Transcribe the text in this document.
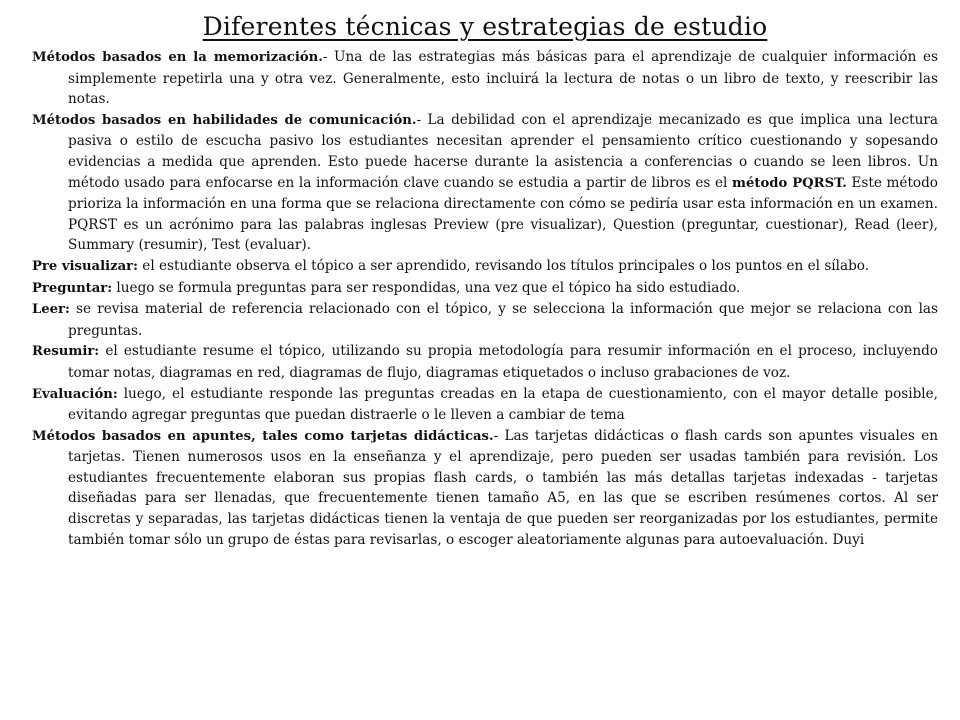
Diferentes técnicas y estrategias de estudio

Métodos basados en la memorización.- Una de las estrategias más básicas para el aprendizaje de cualquier información es simplemente repetirla una y otra vez. Generalmente, esto incluirá la lectura de notas o un libro de texto, y reescribir las notas.

Métodos basados en habilidades de comunicación.- La debilidad con el aprendizaje mecanizado es que implica una lectura pasiva o estilo de escucha pasivo los estudiantes necesitan aprender el pensamiento crítico cuestionando y sopesando evidencias a medida que aprenden. Esto puede hacerse durante la asistencia a conferencias o cuando se leen libros. Un método usado para enfocarse en la información clave cuando se estudia a partir de libros es el método PQRST. Este método prioriza la información en una forma que se relaciona directamente con cómo se pediría usar esta información en un examen. PQRST es un acrónimo para las palabras inglesas Preview (pre visualizar), Question (preguntar, cuestionar), Read (leer), Summary (resumir), Test (evaluar).

Pre visualizar: el estudiante observa el tópico a ser aprendido, revisando los títulos principales o los puntos en el sílabo.

Preguntar: luego se formula preguntas para ser respondidas, una vez que el tópico ha sido estudiado.

Leer: se revisa material de referencia relacionado con el tópico, y se selecciona la información que mejor se relaciona con las preguntas.

Resumir: el estudiante resume el tópico, utilizando su propia metodología para resumir información en el proceso, incluyendo tomar notas, diagramas en red, diagramas de flujo, diagramas etiquetados o incluso grabaciones de voz.

Evaluación: luego, el estudiante responde las preguntas creadas en la etapa de cuestionamiento, con el mayor detalle posible, evitando agregar preguntas que puedan distraerle o le lleven a cambiar de tema

Métodos basados en apuntes, tales como tarjetas didácticas.- Las tarjetas didácticas o flash cards son apuntes visuales en tarjetas. Tienen numerosos usos en la enseñanza y el aprendizaje, pero pueden ser usadas también para revisión. Los estudiantes frecuentemente elaboran sus propias flash cards, o también las más detallas tarjetas indexadas - tarjetas diseñadas para ser llenadas, que frecuentemente tienen tamaño A5, en las que se escriben resúmenes cortos. Al ser discretas y separadas, las tarjetas didácticas tienen la ventaja de que pueden ser reorganizadas por los estudiantes, permite también tomar sólo un grupo de éstas para revisarlas, o escoger aleatoriamente algunas para autoevaluación. Duyi
